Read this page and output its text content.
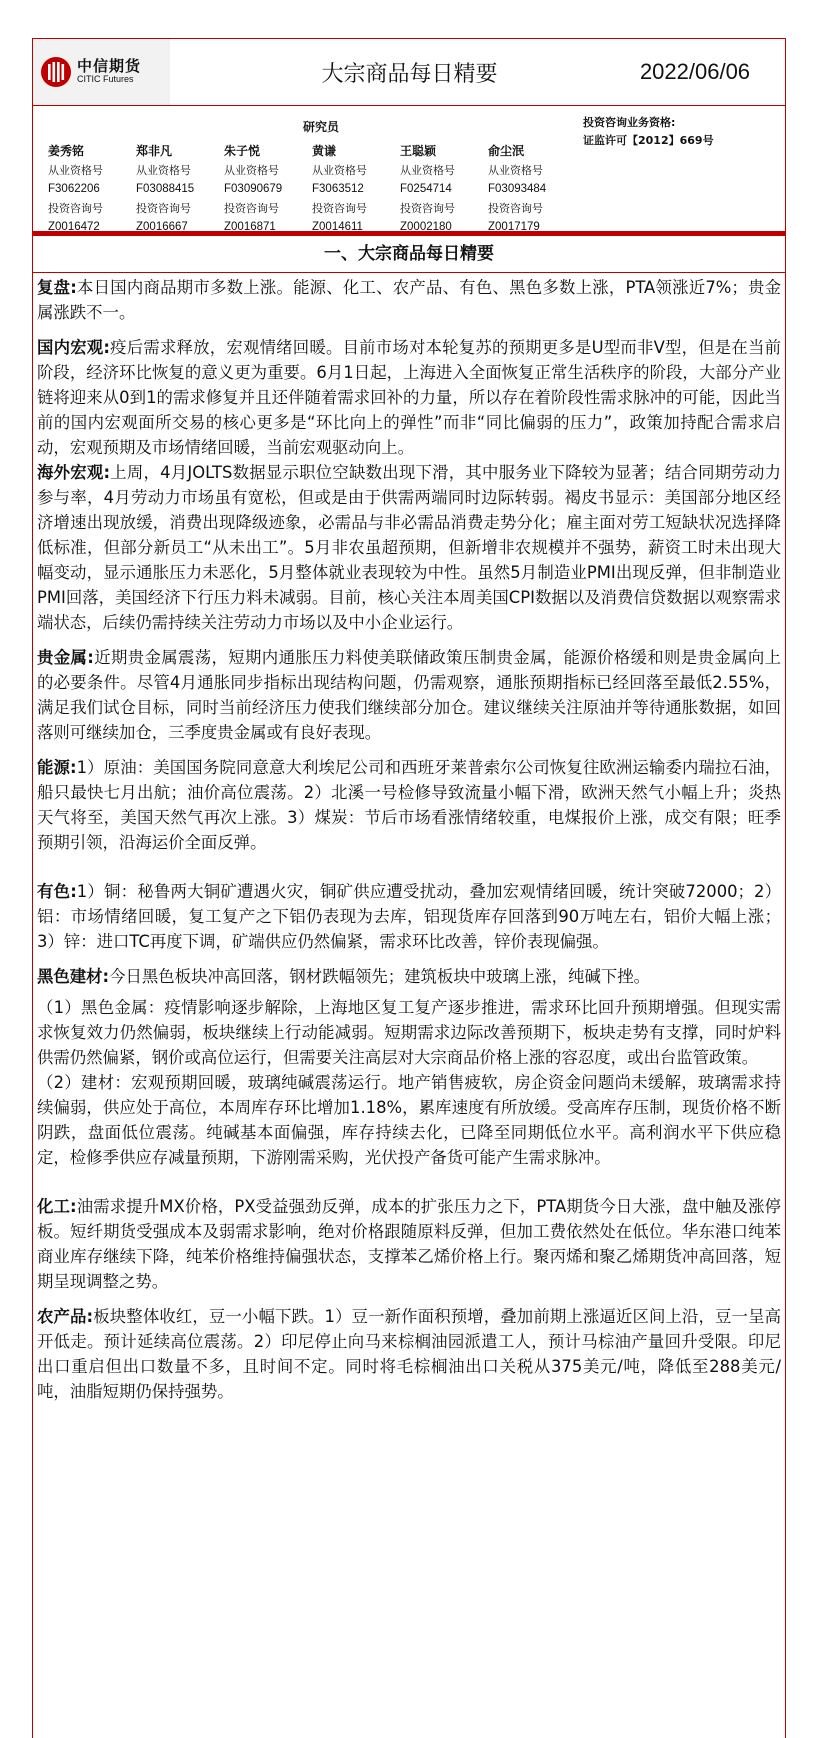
中信期货
CITIC Futures	大宗商品每日精要	2022/06/06
研究员	投资咨询业务资格:
证监许可【2012】669号
姜秀铭
从业资格号
F3062206
投资咨询号
Z0016472
郑非凡
从业资格号
F03088415
投资咨询号
Z0016667
朱子悦
从业资格号
F03090679
投资咨询号
Z0016871
黄谦
从业资格号
F3063512
投资咨询号
Z0014611
王聪颖
从业资格号
F0254714
投资咨询号
Z0002180
俞尘泯
从业资格号
F03093484
投资咨询号
Z0017179
一、大宗商品每日精要

复盘:本日国内商品期市多数上涨。能源、化工、农产品、有色、黑色多数上涨，PTA领涨近7%；贵金属涨跌不一。

国内宏观:疫后需求释放，宏观情绪回暖。目前市场对本轮复苏的预期更多是U型而非V型，但是在当前阶段，经济环比恢复的意义更为重要。6月1日起，上海进入全面恢复正常生活秩序的阶段，大部分产业链将迎来从0到1的需求修复并且还伴随着需求回补的力量，所以存在着阶段性需求脉冲的可能，因此当前的国内宏观面所交易的核心更多是“环比向上的弹性”而非“同比偏弱的压力”，政策加持配合需求启动，宏观预期及市场情绪回暖，当前宏观驱动向上。

海外宏观:上周，4月JOLTS数据显示职位空缺数出现下滑，其中服务业下降较为显著；结合同期劳动力参与率，4月劳动力市场虽有宽松，但或是由于供需两端同时边际转弱。褐皮书显示：美国部分地区经济增速出现放缓，消费出现降级迹象，必需品与非必需品消费走势分化；雇主面对劳工短缺状况选择降低标准，但部分新员工“从未出工”。5月非农虽超预期，但新增非农规模并不强势，薪资工时未出现大幅变动，显示通胀压力未恶化，5月整体就业表现较为中性。虽然5月制造业PMI出现反弹，但非制造业PMI回落，美国经济下行压力料未减弱。目前，核心关注本周美国CPI数据以及消费信贷数据以观察需求端状态，后续仍需持续关注劳动力市场以及中小企业运行。

贵金属:近期贵金属震荡，短期内通胀压力料使美联储政策压制贵金属，能源价格缓和则是贵金属向上的必要条件。尽管4月通胀同步指标出现结构问题，仍需观察，通胀预期指标已经回落至最低2.55%，满足我们试仓目标，同时当前经济压力使我们继续部分加仓。建议继续关注原油并等待通胀数据，如回落则可继续加仓，三季度贵金属或有良好表现。

能源:1）原油：美国国务院同意意大利埃尼公司和西班牙莱普索尔公司恢复往欧洲运输委内瑞拉石油，船只最快七月出航；油价高位震荡。2）北溪一号检修导致流量小幅下滑，欧洲天然气小幅上升；炎热天气将至，美国天然气再次上涨。3）煤炭：节后市场看涨情绪较重，电煤报价上涨，成交有限；旺季预期引领，沿海运价全面反弹。

有色:1）铜：秘鲁两大铜矿遭遇火灾，铜矿供应遭受扰动，叠加宏观情绪回暖，统计突破72000；2）铝：市场情绪回暖，复工复产之下铝仍表现为去库，铝现货库存回落到90万吨左右，铝价大幅上涨；3）锌：进口TC再度下调，矿端供应仍然偏紧，需求环比改善，锌价表现偏强。

黑色建材:今日黑色板块冲高回落，钢材跌幅领先；建筑板块中玻璃上涨，纯碱下挫。

（1）黑色金属：疫情影响逐步解除，上海地区复工复产逐步推进，需求环比回升预期增强。但现实需求恢复效力仍然偏弱，板块继续上行动能减弱。短期需求边际改善预期下，板块走势有支撑，同时炉料供需仍然偏紧，钢价或高位运行，但需要关注高层对大宗商品价格上涨的容忍度，或出台监管政策。

（2）建材：宏观预期回暖，玻璃纯碱震荡运行。地产销售疲软，房企资金问题尚未缓解，玻璃需求持续偏弱，供应处于高位，本周库存环比增加1.18%，累库速度有所放缓。受高库存压制，现货价格不断阴跌，盘面低位震荡。纯碱基本面偏强，库存持续去化，已降至同期低位水平。高利润水平下供应稳定，检修季供应存减量预期，下游刚需采购，光伏投产备货可能产生需求脉冲。

化工:油需求提升MX价格，PX受益强劲反弹，成本的扩张压力之下，PTA期货今日大涨，盘中触及涨停板。短纤期货受强成本及弱需求影响，绝对价格跟随原料反弹，但加工费依然处在低位。华东港口纯苯商业库存继续下降，纯苯价格维持偏强状态，支撑苯乙烯价格上行。聚丙烯和聚乙烯期货冲高回落，短期呈现调整之势。

农产品:板块整体收红，豆一小幅下跌。1）豆一新作面积预增，叠加前期上涨逼近区间上沿，豆一呈高开低走。预计延续高位震荡。2）印尼停止向马来棕榈油园派遣工人，预计马棕油产量回升受限。印尼出口重启但出口数量不多，且时间不定。同时将毛棕榈油出口关税从375美元/吨，降低至288美元/吨，油脂短期仍保持强势。
